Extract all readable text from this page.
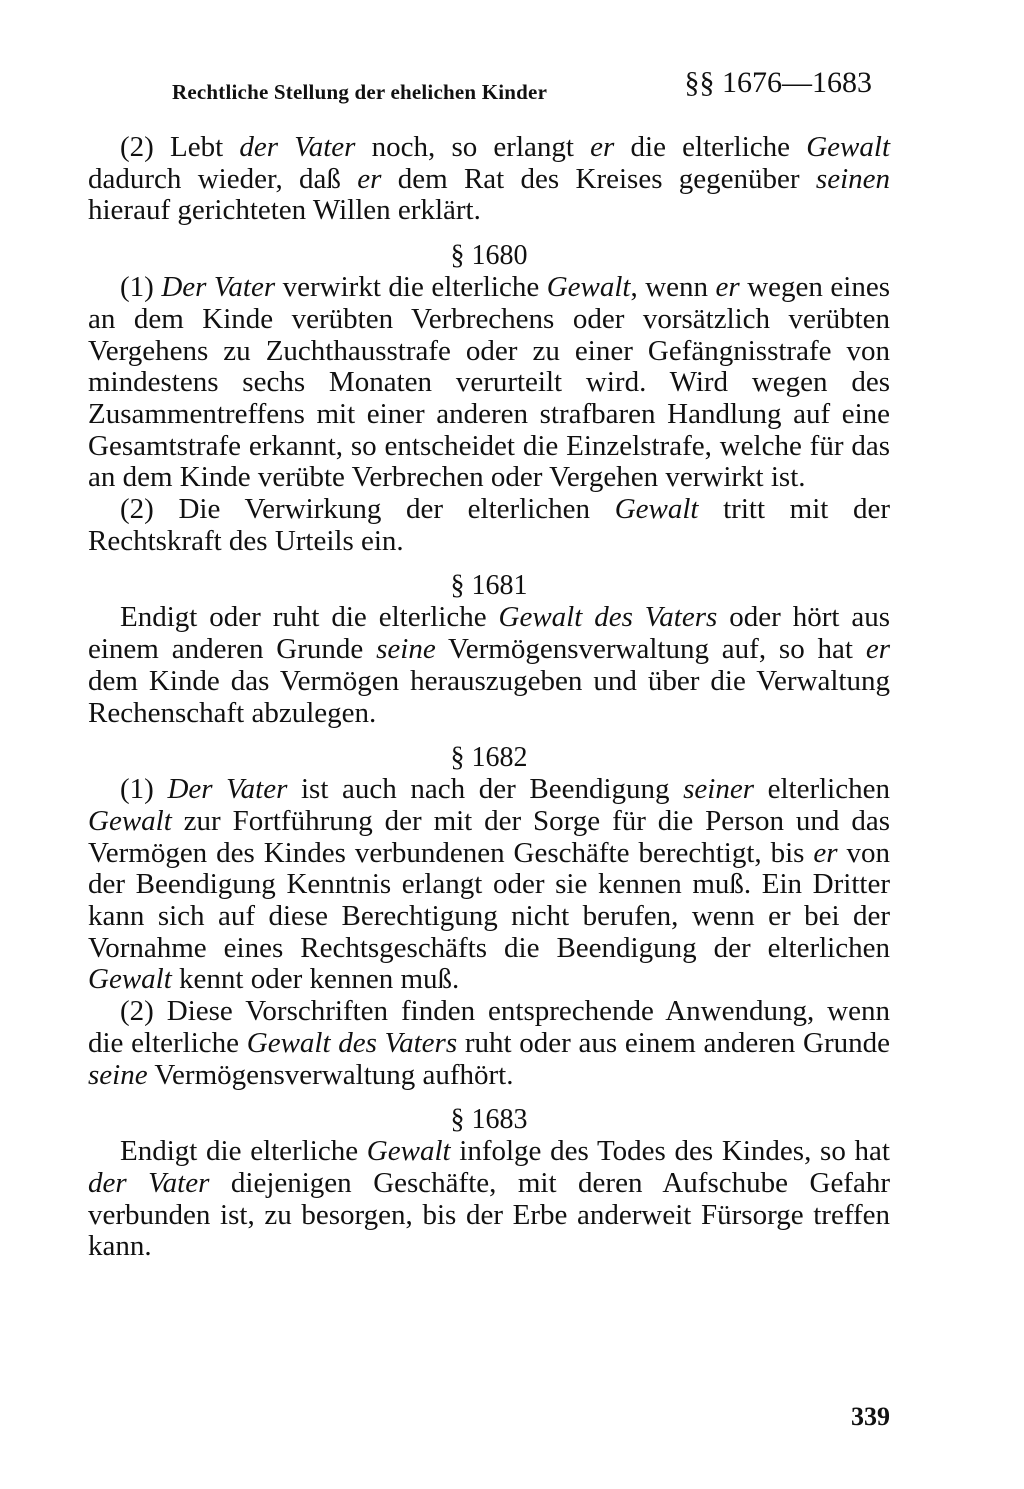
Rechtliche Stellung der ehelichen Kinder	§§ 1676—1683

(2) Lebt der Vater noch, so erlangt er die elterliche Gewalt dadurch wieder, daß er dem Rat des Kreises gegenüber seinen hierauf gerichteten Willen erklärt.

§ 1680

(1) Der Vater verwirkt die elterliche Gewalt, wenn er wegen eines an dem Kinde verübten Verbrechens oder vorsätzlich verübten Vergehens zu Zuchthausstrafe oder zu einer Gefängnisstrafe von mindestens sechs Monaten verurteilt wird. Wird wegen des Zusammentreffens mit einer anderen strafbaren Handlung auf eine Gesamtstrafe erkannt, so entscheidet die Einzelstrafe, welche für das an dem Kinde verübte Verbrechen oder Vergehen verwirkt ist.

(2) Die Verwirkung der elterlichen Gewalt tritt mit der Rechtskraft des Urteils ein.

§ 1681

Endigt oder ruht die elterliche Gewalt des Vaters oder hört aus einem anderen Grunde seine Vermögensverwaltung auf, so hat er dem Kinde das Vermögen herauszugeben und über die Verwaltung Rechenschaft abzulegen.

§ 1682

(1) Der Vater ist auch nach der Beendigung seiner elterlichen Gewalt zur Fortführung der mit der Sorge für die Person und das Vermögen des Kindes verbundenen Geschäfte berechtigt, bis er von der Beendigung Kenntnis erlangt oder sie kennen muß. Ein Dritter kann sich auf diese Berechtigung nicht berufen, wenn er bei der Vornahme eines Rechtsgeschäfts die Beendigung der elterlichen Gewalt kennt oder kennen muß.

(2) Diese Vorschriften finden entsprechende Anwendung, wenn die elterliche Gewalt des Vaters ruht oder aus einem anderen Grunde seine Vermögensverwaltung aufhört.

§ 1683

Endigt die elterliche Gewalt infolge des Todes des Kindes, so hat der Vater diejenigen Geschäfte, mit deren Aufschube Gefahr verbunden ist, zu besorgen, bis der Erbe anderweit Fürsorge treffen kann.

339
